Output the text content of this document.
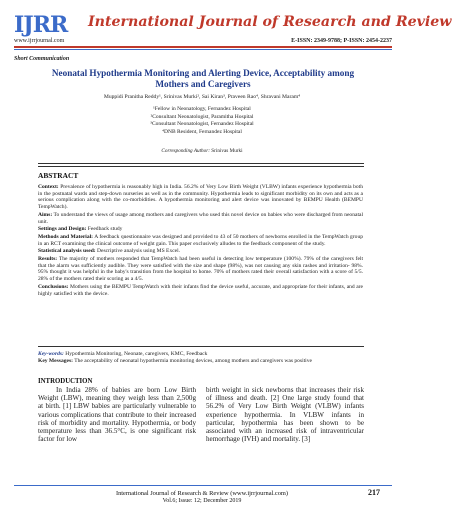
IJRR International Journal of Research and Review
www.ijrrjournal.com	E-ISSN: 2349-9788; P-ISSN: 2454-2237
Short Communication
Neonatal Hypothermia Monitoring and Alerting Device, Acceptability among Mothers and Caregivers
Muppidi Pranitha Reddy¹, Srinivas Murki², Sai Kiran³, Praveen Rao⁴, Shravani Maram⁴
¹Fellow in Neonatology, Fernandez Hospital
²Consultant Neonatologist, Paramitha Hospital
³Consultant Neonatologist, Fernandez Hospital
⁴DNB Resident, Fernandez Hospital
Corresponding Author: Srinivas Murki
ABSTRACT

Context: Prevalence of hypothermia is reasonably high in India. 56.2% of Very Low Birth Weight (VLBW) infants experience hypothermia both in the postnatal wards and step-down nurseries as well as in the community. Hypothermia leads to significant morbidity on its own and acts as a serious complication along with the co-morbidities. A hypothermia monitoring and alert device was innovated by BEMPU Health (BEMPU TempWatch).

Aims: To understand the views of usage among mothers and caregivers who used this novel device on babies who were discharged from neonatal unit.

Settings and Design: Feedback study

Methods and Material: A feedback questionnaire was designed and provided to 43 of 50 mothers of newborns enrolled in the TempWatch group in an RCT examining the clinical outcome of weight gain. This paper exclusively alludes to the feedback component of the study.

Statistical analysis used: Descriptive analysis using MS Excel.

Results: The majority of mothers responded that TempWatch had been useful in detecting low temperature (100%). 79% of the caregivers felt that the alarm was sufficiently audible. They were satisfied with the size and shape (98%), was not causing any skin rashes and irritation- 98%. 95% thought it was helpful in the baby's transition from the hospital to home. 70% of mothers rated their overall satisfaction with a score of 5/5. 28% of the mothers rated their scoring as a 4/5.

Conclusions: Mothers using the BEMPU TempWatch with their infants find the device useful, accurate, and appropriate for their infants, and are highly satisfied with the device.

Key-words: Hypothermia Monitoring, Neonate, caregivers, KMC, Feedback

Key Messages: The acceptability of neonatal hypothermia monitoring devices, among mothers and caregivers was positive

INTRODUCTION
In India 28% of babies are born Low Birth Weight (LBW), meaning they weigh less than 2,500g at birth. [1] LBW babies are particularly vulnerable to various complications that contribute to their increased risk of morbidity and mortality. Hypothermia, or body temperature less than 36.5°C, is one significant risk factor for low
birth weight in sick newborns that increases their risk of illness and death. [2] One large study found that 56.2% of Very Low Birth Weight (VLBW) infants experience hypothermia. In VLBW infants in particular, hypothermia has been shown to be associated with an increased risk of intraventricular hemorrhage (IVH) and mortality. [3]
International Journal of Research & Review (www.ijrrjournal.com)
Vol.6; Issue: 12; December 2019
217
